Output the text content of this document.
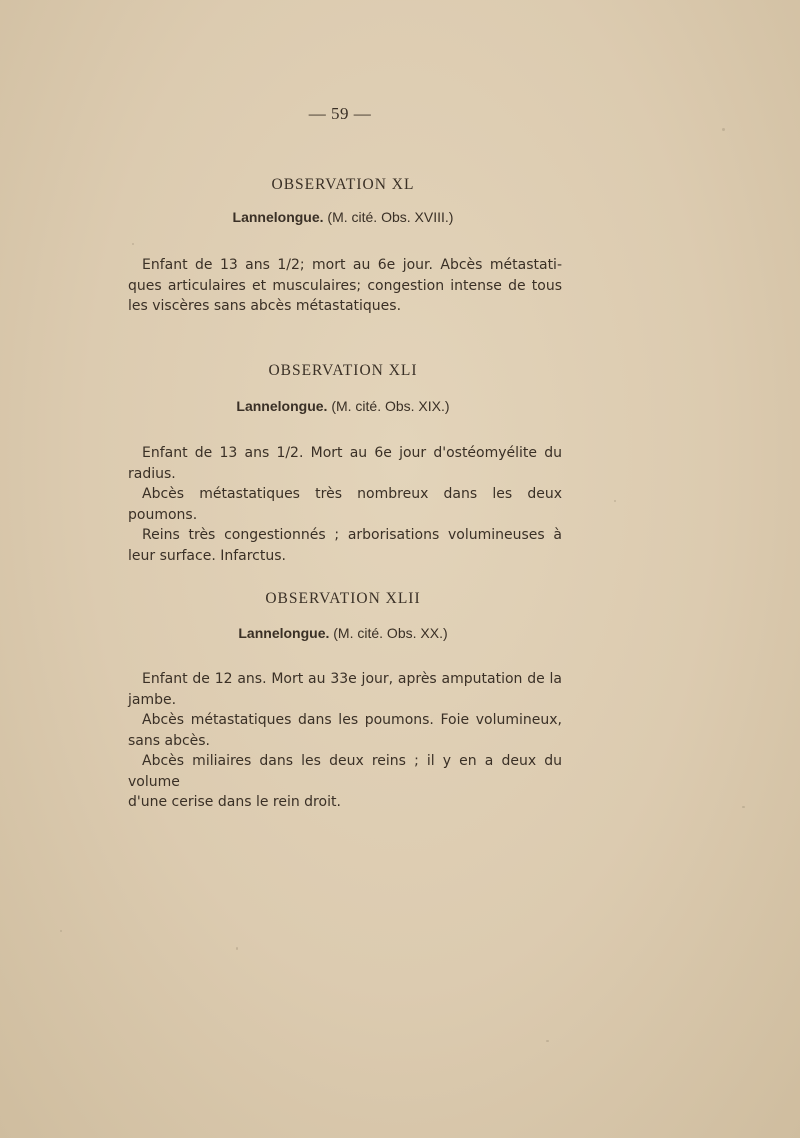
— 59 —
OBSERVATION XL
Lannelongue. (M. cité. Obs. XVIII.)
Enfant de 13 ans 1/2; mort au 6e jour. Abcès métastati-
ques articulaires et musculaires; congestion intense de tous
les viscères sans abcès métastatiques.
OBSERVATION XLI
Lannelongue. (M. cité. Obs. XIX.)
Enfant de 13 ans 1/2. Mort au 6e jour d'ostéomyélite du
radius.
Abcès métastatiques très nombreux dans les deux poumons.
Reins très congestionnés ; arborisations volumineuses à
leur surface. Infarctus.
OBSERVATION XLII
Lannelongue. (M. cité. Obs. XX.)
Enfant de 12 ans. Mort au 33e jour, après amputation de la
jambe.
Abcès métastatiques dans les poumons. Foie volumineux,
sans abcès.
Abcès miliaires dans les deux reins ; il y en a deux du volume
d'une cerise dans le rein droit.
